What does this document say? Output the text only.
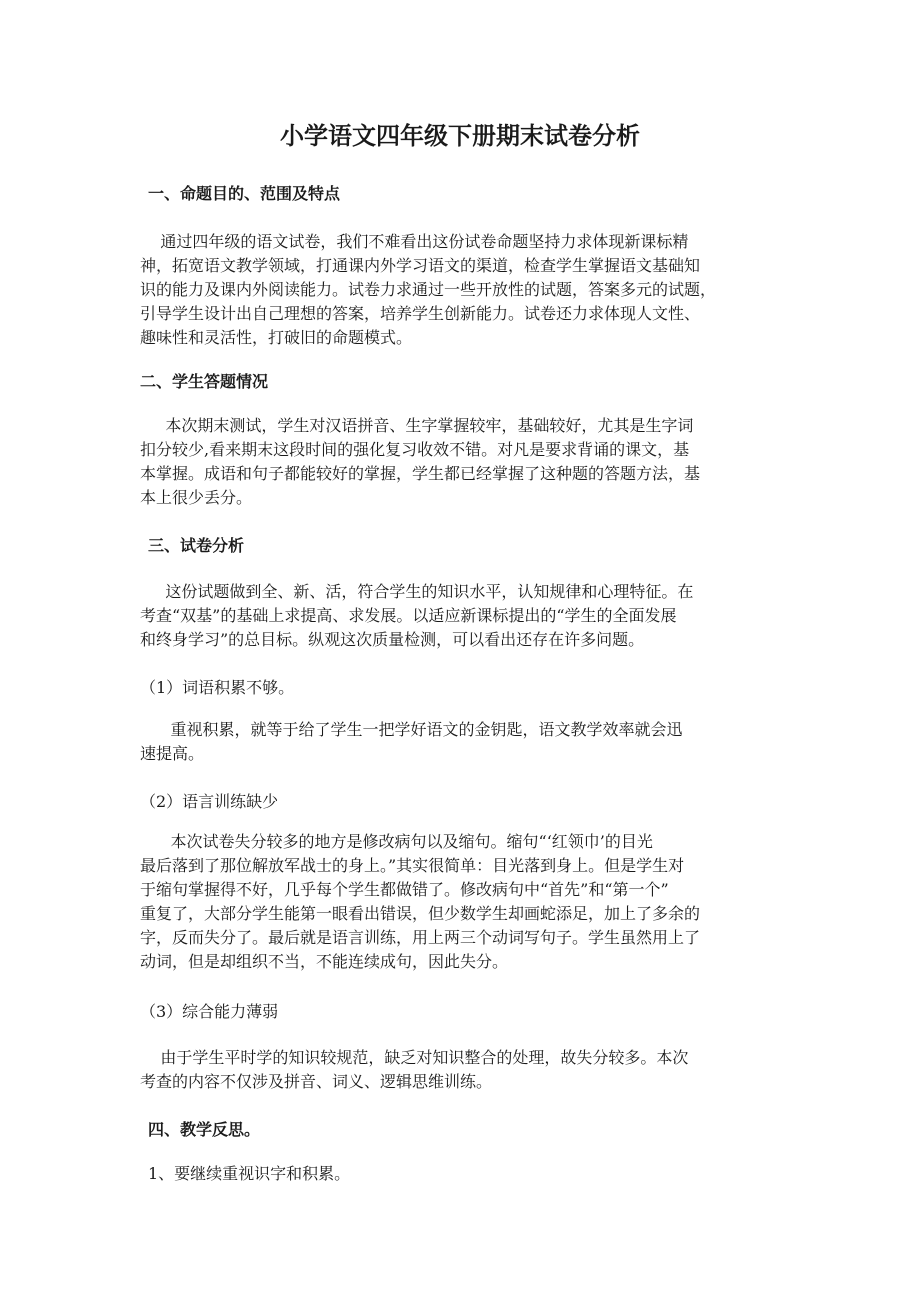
小学语文四年级下册期末试卷分析
一、命题目的、范围及特点
通过四年级的语文试卷，我们不难看出这份试卷命题坚持力求体现新课标精
神，拓宽语文教学领域，打通课内外学习语文的渠道，检查学生掌握语文基础知
识的能力及课内外阅读能力。试卷力求通过一些开放性的试题，答案多元的试题，
引导学生设计出自己理想的答案，培养学生创新能力。试卷还力求体现人文性、
趣味性和灵活性，打破旧的命题模式。
二、学生答题情况
本次期末测试，学生对汉语拼音、生字掌握较牢，基础较好，尤其是生字词
扣分较少,看来期末这段时间的强化复习收效不错。对凡是要求背诵的课文，基
本掌握。成语和句子都能较好的掌握，学生都已经掌握了这种题的答题方法，基
本上很少丢分。
三、试卷分析
这份试题做到全、新、活，符合学生的知识水平，认知规律和心理特征。在
考查“双基”的基础上求提高、求发展。以适应新课标提出的“学生的全面发展
和终身学习”的总目标。纵观这次质量检测，可以看出还存在许多问题。
（1）词语积累不够。
重视积累，就等于给了学生一把学好语文的金钥匙，语文教学效率就会迅
速提高。
（2）语言训练缺少
本次试卷失分较多的地方是修改病句以及缩句。缩句“‘红领巾’的目光
最后落到了那位解放军战士的身上。”其实很简单：目光落到身上。但是学生对
于缩句掌握得不好，几乎每个学生都做错了。修改病句中“首先”和“第一个”
重复了，大部分学生能第一眼看出错误，但少数学生却画蛇添足，加上了多余的
字，反而失分了。最后就是语言训练，用上两三个动词写句子。学生虽然用上了
动词，但是却组织不当，不能连续成句，因此失分。
（3）综合能力薄弱
由于学生平时学的知识较规范，缺乏对知识整合的处理，故失分较多。本次
考查的内容不仅涉及拼音、词义、逻辑思维训练。
四、教学反思。
1、要继续重视识字和积累。
